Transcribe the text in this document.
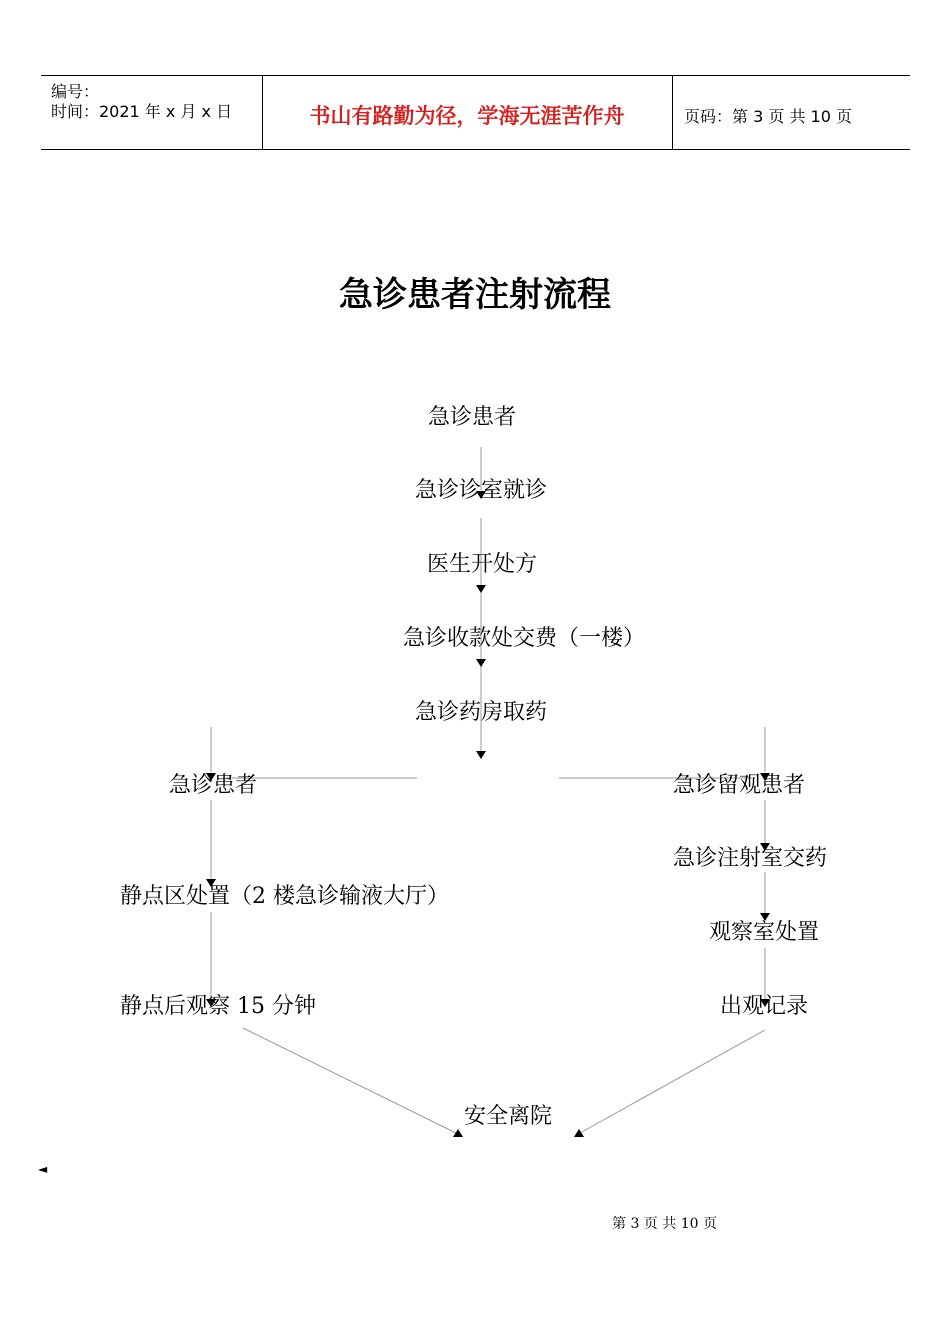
编号：
时间：2021 年 x 月 x 日	书山有路勤为径，学海无涯苦作舟	页码：第 3 页 共 10 页
急诊患者注射流程
急诊患者
急诊诊室就诊
医生开处方
急诊收款处交费（一楼）
急诊药房取药
急诊患者
静点区处置（2 楼急诊输液大厅）
静点后观察 15 分钟
急诊留观患者
急诊注射室交药
观察室处置
出观记录
安全离院
◄
第 3 页 共 10 页
